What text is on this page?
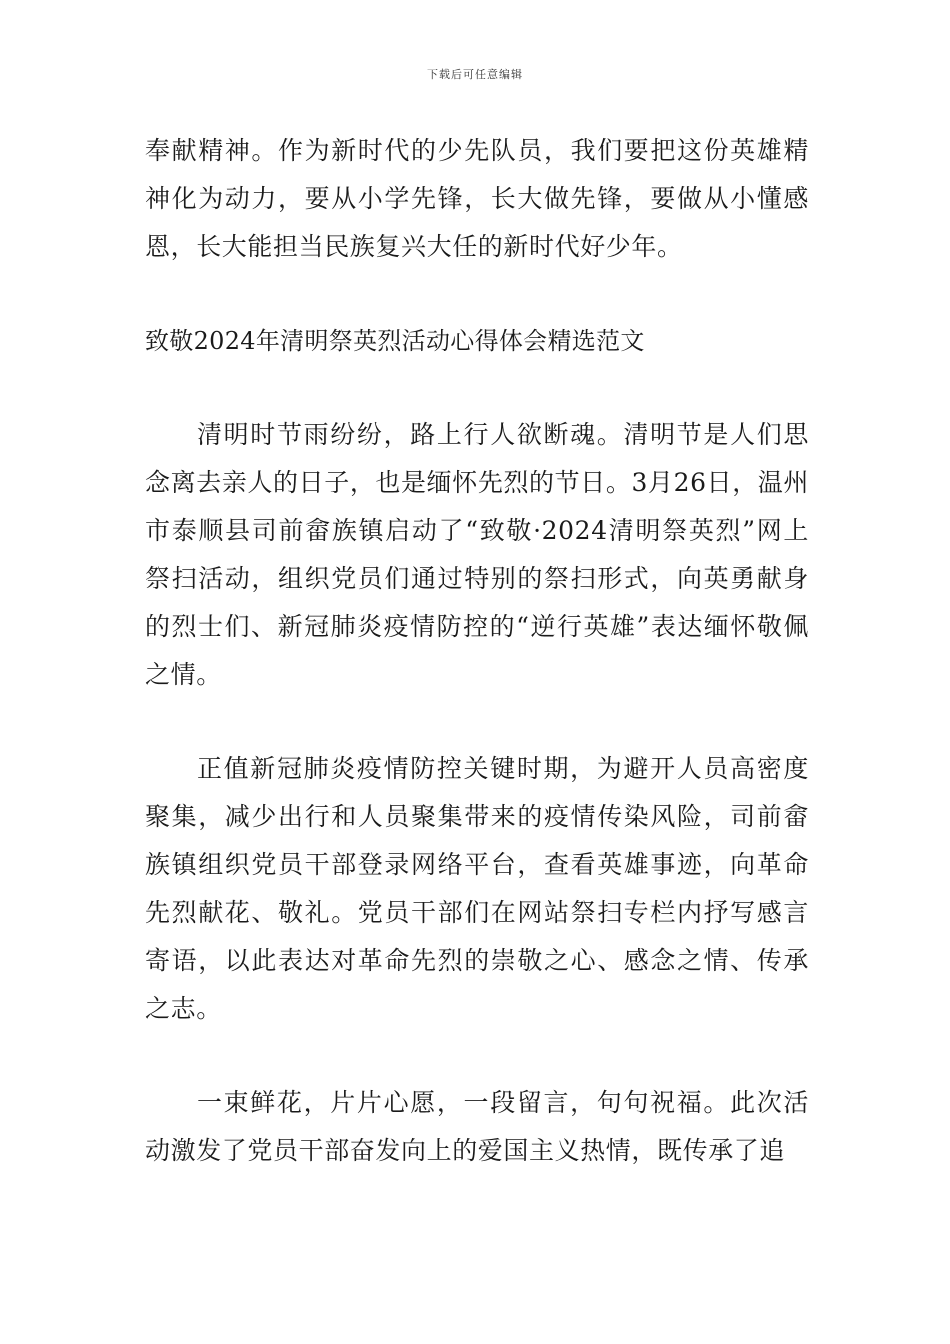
下载后可任意编辑

奉献精神。作为新时代的少先队员，我们要把这份英雄精神化为动力，要从小学先锋，长大做先锋，要做从小懂感恩，长大能担当民族复兴大任的新时代好少年。

致敬2024年清明祭英烈活动心得体会精选范文

清明时节雨纷纷，路上行人欲断魂。清明节是人们思念离去亲人的日子，也是缅怀先烈的节日。3月26日，温州市泰顺县司前畲族镇启动了“致敬·2024清明祭英烈”网上祭扫活动，组织党员们通过特别的祭扫形式，向英勇献身的烈士们、新冠肺炎疫情防控的“逆行英雄”表达缅怀敬佩之情。

正值新冠肺炎疫情防控关键时期，为避开人员高密度聚集，减少出行和人员聚集带来的疫情传染风险，司前畲族镇组织党员干部登录网络平台，查看英雄事迹，向革命先烈献花、敬礼。党员干部们在网站祭扫专栏内抒写感言寄语，以此表达对革命先烈的崇敬之心、感念之情、传承之志。

一束鲜花，片片心愿，一段留言，句句祝福。此次活动激发了党员干部奋发向上的爱国主义热情，既传承了追
